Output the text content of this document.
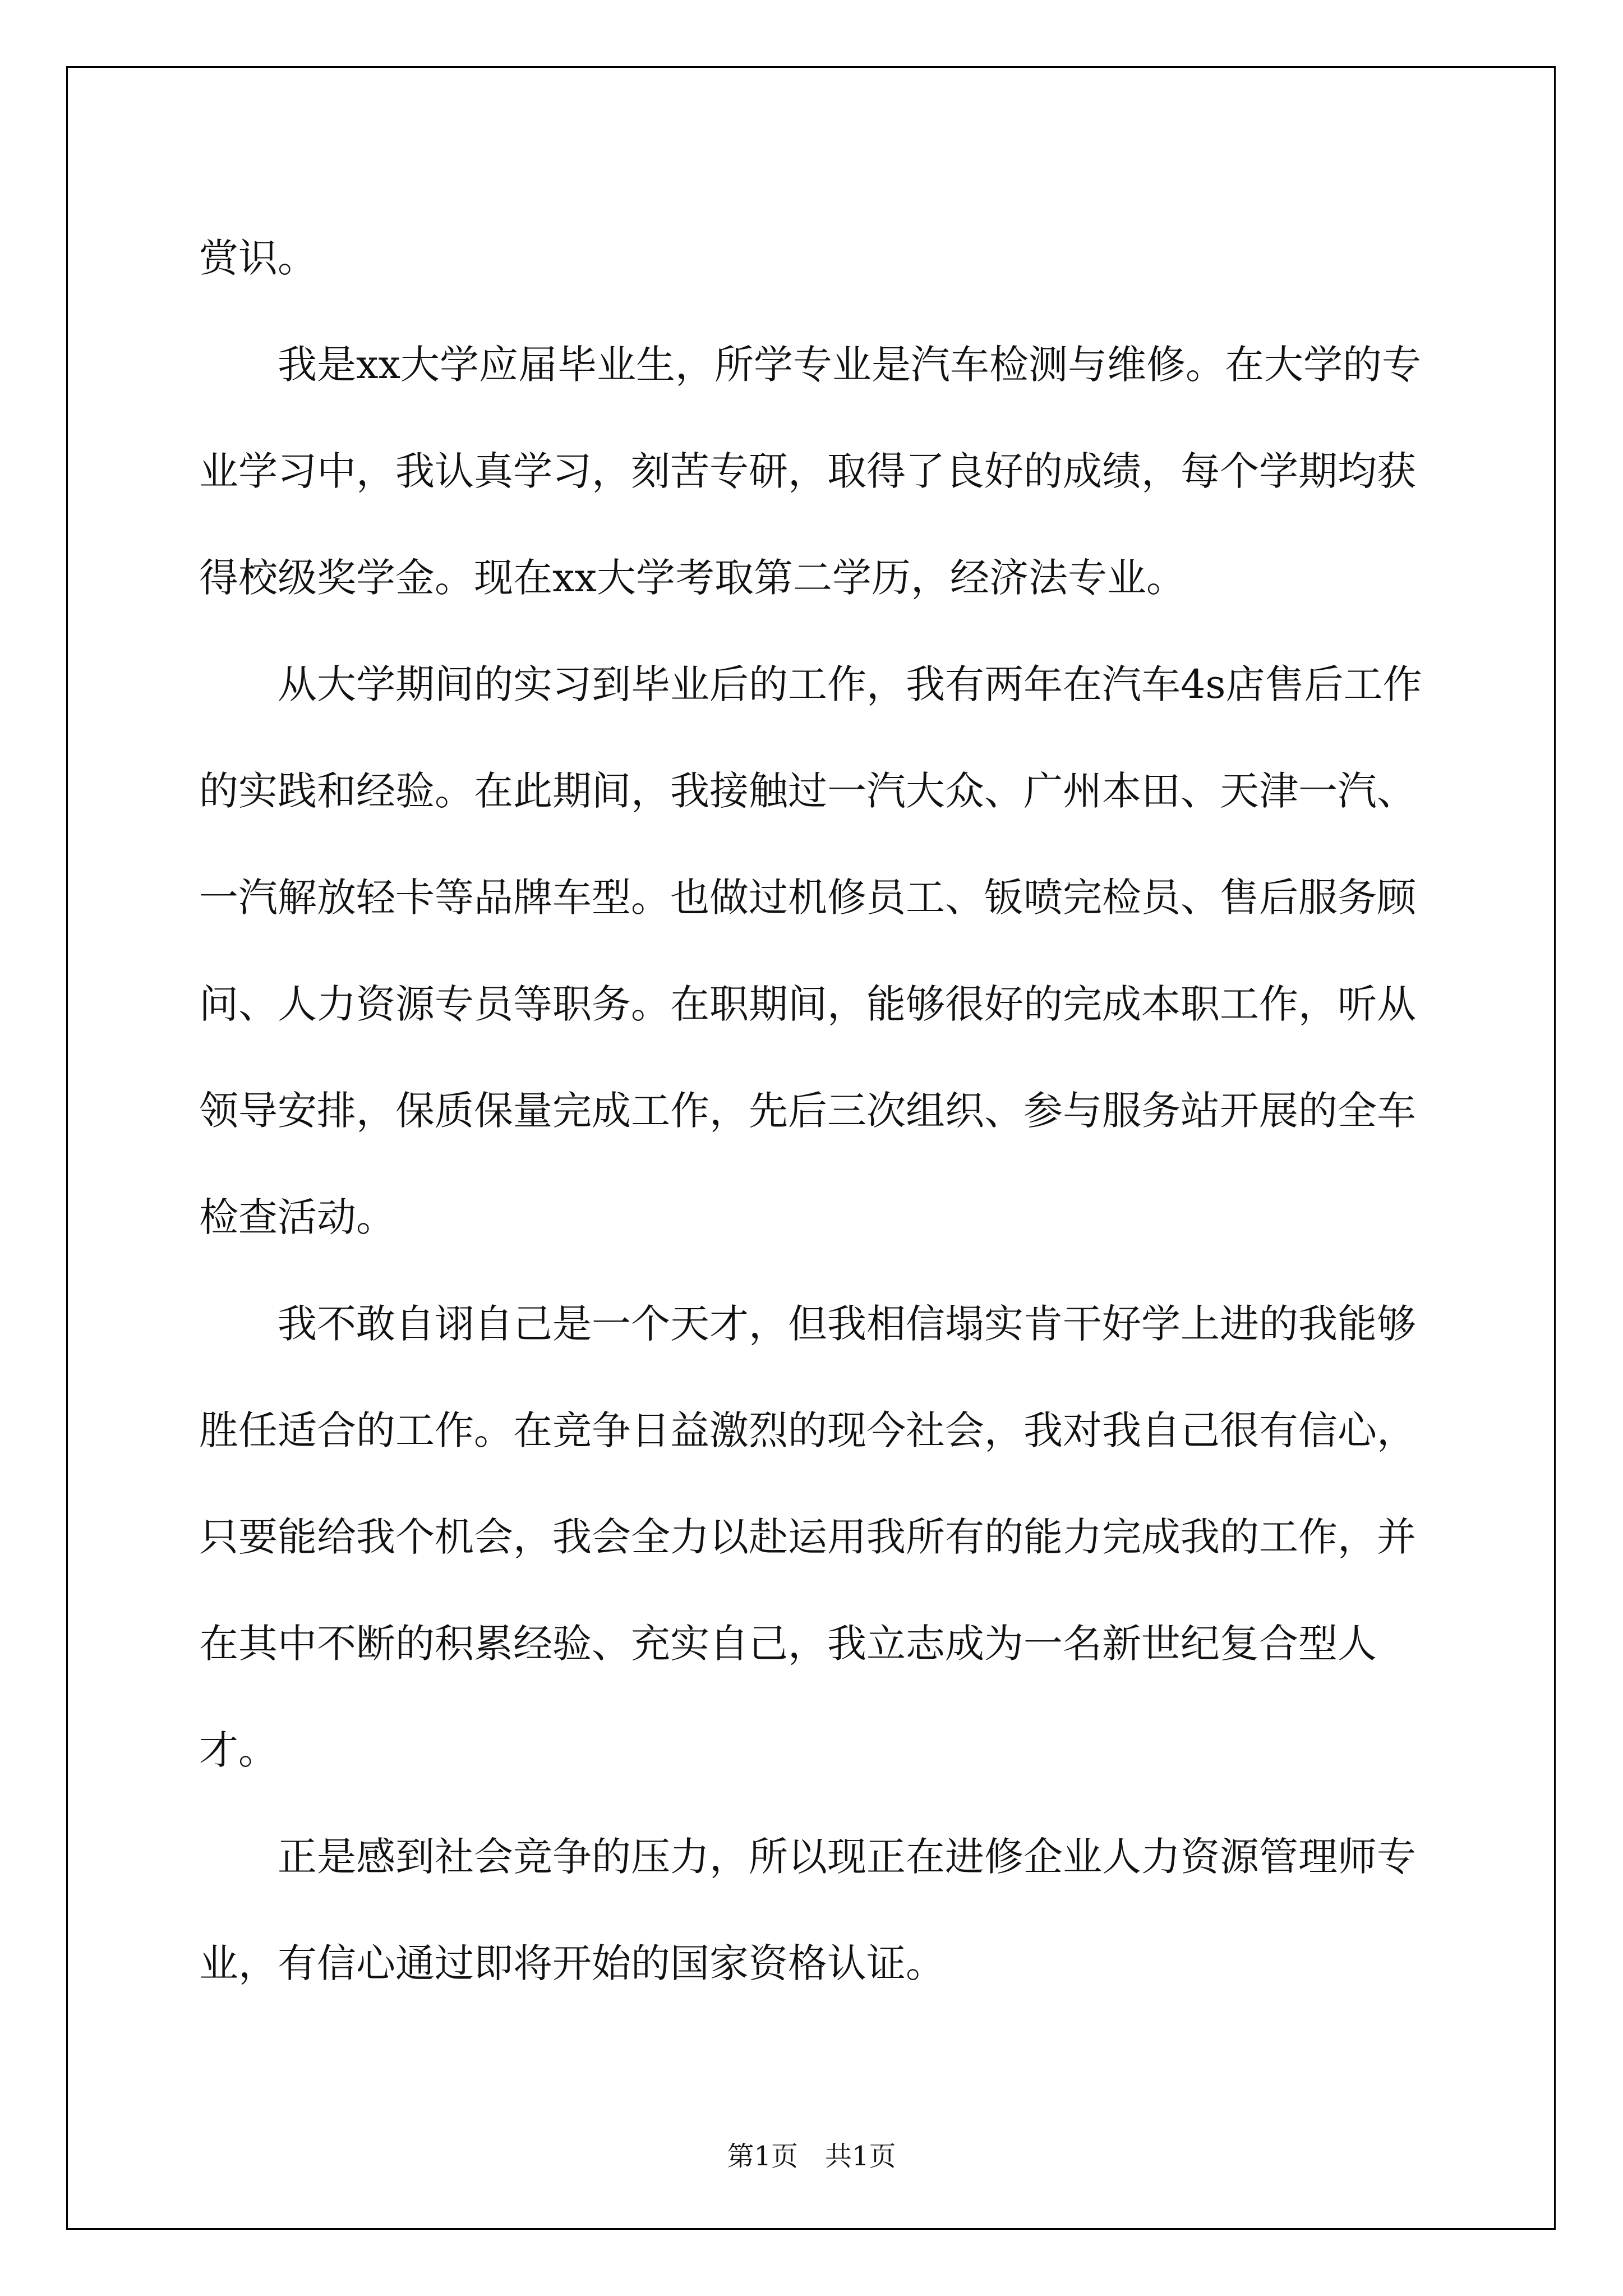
赏识。

我是xx大学应届毕业生，所学专业是汽车检测与维修。在大学的专业学习中，我认真学习，刻苦专研，取得了良好的成绩，每个学期均获得校级奖学金。现在xx大学考取第二学历，经济法专业。

从大学期间的实习到毕业后的工作，我有两年在汽车4s店售后工作的实践和经验。在此期间，我接触过一汽大众、广州本田、天津一汽、一汽解放轻卡等品牌车型。也做过机修员工、钣喷完检员、售后服务顾问、人力资源专员等职务。在职期间，能够很好的完成本职工作，听从领导安排，保质保量完成工作，先后三次组织、参与服务站开展的全车检查活动。

我不敢自诩自己是一个天才，但我相信塌实肯干好学上进的我能够胜任适合的工作。在竞争日益激烈的现今社会，我对我自己很有信心，只要能给我个机会，我会全力以赴运用我所有的能力完成我的工作，并在其中不断的积累经验、充实自己，我立志成为一名新世纪复合型人才。

正是感到社会竞争的压力，所以现正在进修企业人力资源管理师专业，有信心通过即将开始的国家资格认证。

第1页　共1页
